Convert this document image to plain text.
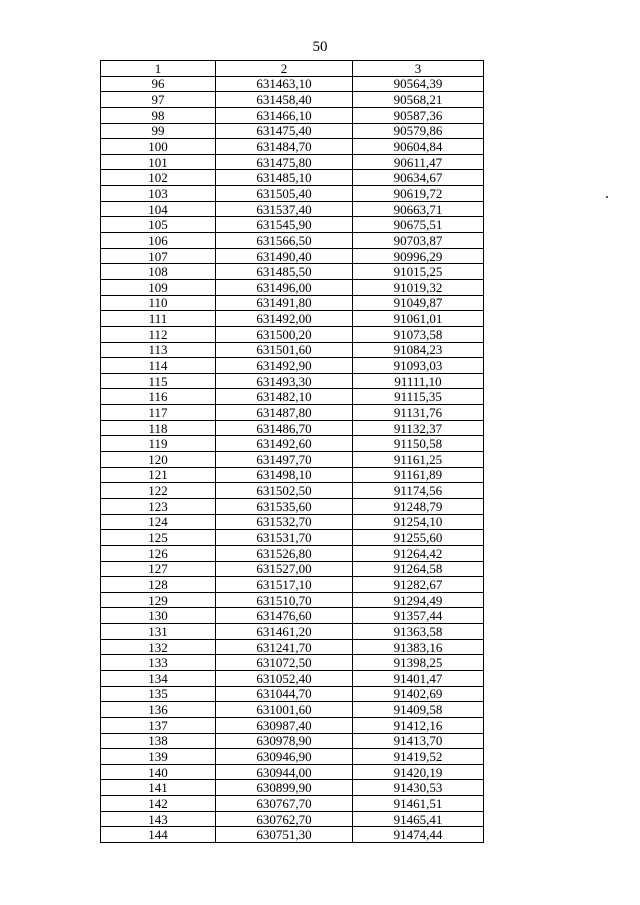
50
1	2	3
96	631463,10	90564,39
97	631458,40	90568,21
98	631466,10	90587,36
99	631475,40	90579,86
100	631484,70	90604,84
101	631475,80	90611,47
102	631485,10	90634,67
103	631505,40	90619,72
104	631537,40	90663,71
105	631545,90	90675,51
106	631566,50	90703,87
107	631490,40	90996,29
108	631485,50	91015,25
109	631496,00	91019,32
110	631491,80	91049,87
111	631492,00	91061,01
112	631500,20	91073,58
113	631501,60	91084,23
114	631492,90	91093,03
115	631493,30	91111,10
116	631482,10	91115,35
117	631487,80	91131,76
118	631486,70	91132,37
119	631492,60	91150,58
120	631497,70	91161,25
121	631498,10	91161,89
122	631502,50	91174,56
123	631535,60	91248,79
124	631532,70	91254,10
125	631531,70	91255,60
126	631526,80	91264,42
127	631527,00	91264,58
128	631517,10	91282,67
129	631510,70	91294,49
130	631476,60	91357,44
131	631461,20	91363,58
132	631241,70	91383,16
133	631072,50	91398,25
134	631052,40	91401,47
135	631044,70	91402,69
136	631001,60	91409,58
137	630987,40	91412,16
138	630978,90	91413,70
139	630946,90	91419,52
140	630944,00	91420,19
141	630899,90	91430,53
142	630767,70	91461,51
143	630762,70	91465,41
144	630751,30	91474,44
